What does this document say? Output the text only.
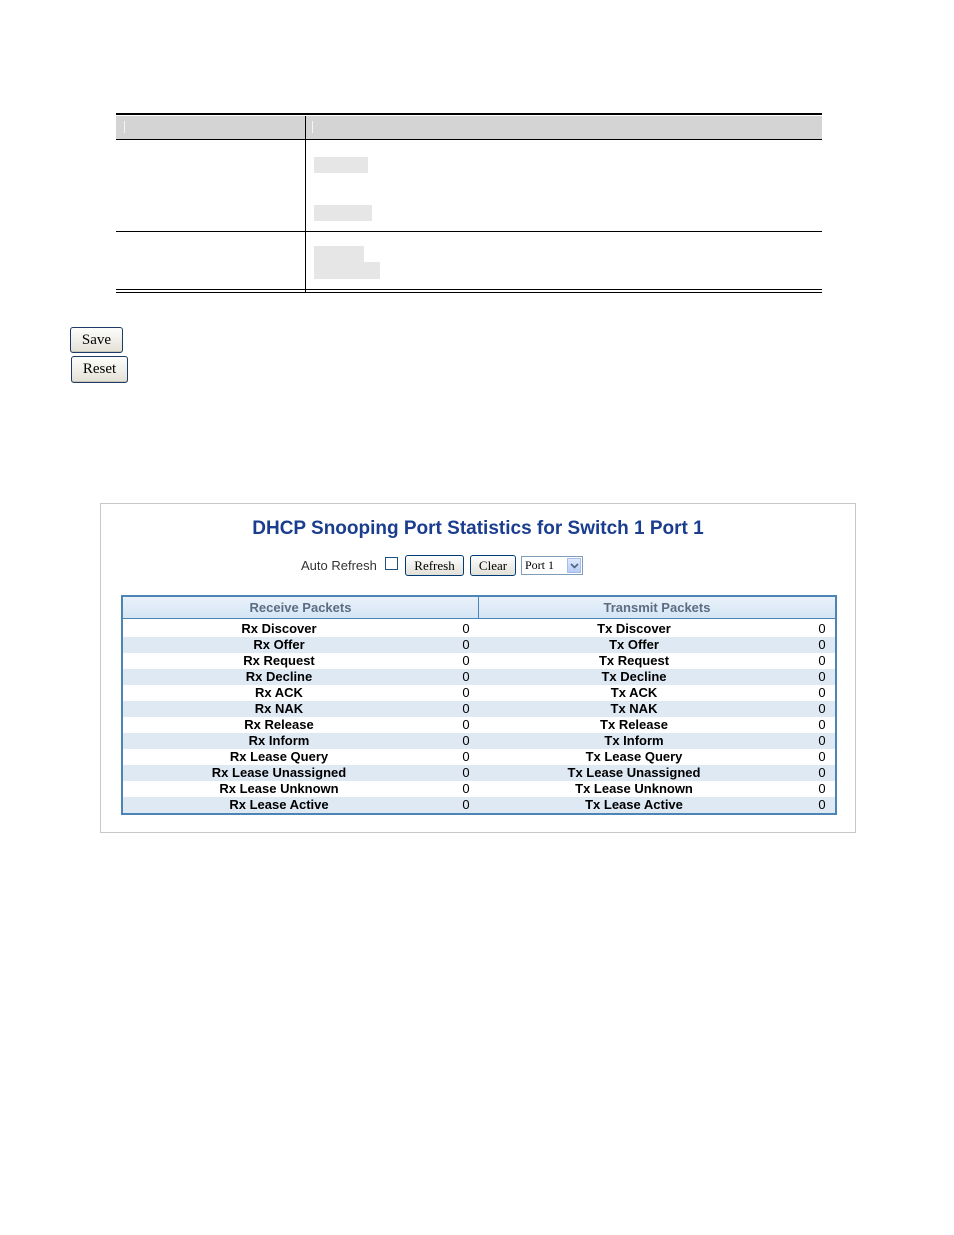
Save
Reset
DHCP Snooping Port Statistics for Switch 1 Port 1
Auto Refresh	Refresh	Clear	Port 1
Receive Packets	Transmit Packets
Rx Discover	0	Tx Discover	0
Rx Offer	0	Tx Offer	0
Rx Request	0	Tx Request	0
Rx Decline	0	Tx Decline	0
Rx ACK	0	Tx ACK	0
Rx NAK	0	Tx NAK	0
Rx Release	0	Tx Release	0
Rx Inform	0	Tx Inform	0
Rx Lease Query	0	Tx Lease Query	0
Rx Lease Unassigned	0	Tx Lease Unassigned	0
Rx Lease Unknown	0	Tx Lease Unknown	0
Rx Lease Active	0	Tx Lease Active	0
